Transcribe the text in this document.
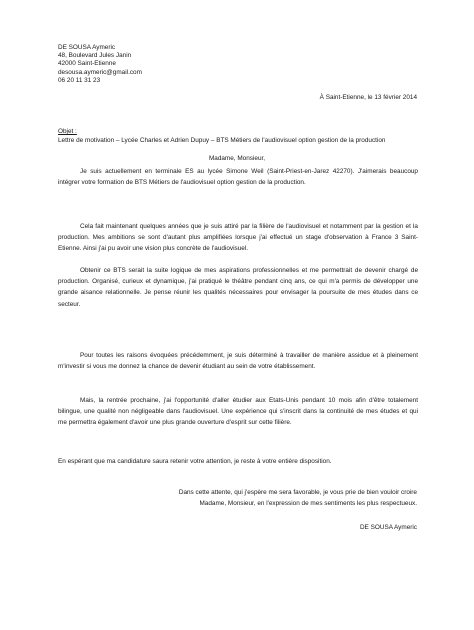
DE SOUSA Aymeric
48, Boulevard Jules Janin
42000 Saint-Etienne
desousa.aymeric@gmail.com
06 20 11 31 23
À Saint-Etienne, le 13 février 2014
Objet :
Lettre de motivation – Lycée Charles et Adrien Dupuy – BTS Métiers de l'audiovisuel option gestion de la production
Madame, Monsieur,

Je suis actuellement en terminale ES au lycée Simone Weil (Saint-Priest-en-Jarez 42270). J'aimerais beaucoup intégrer votre formation de BTS Métiers de l'audiovisuel option gestion de la production.

Cela fait maintenant quelques années que je suis attiré par la filière de l'audiovisuel et notamment par la gestion et la production. Mes ambitions se sont d'autant plus amplifiées lorsque j'ai effectué un stage d'observation à France 3 Saint-Etienne. Ainsi j'ai pu avoir une vision plus concrète de l'audiovisuel.

Obtenir ce BTS serait la suite logique de mes aspirations professionnelles et me permettrait de devenir chargé de production. Organisé, curieux et dynamique, j'ai pratiqué le théâtre pendant cinq ans, ce qui m'a permis de développer une grande aisance relationnelle. Je pense réunir les qualités nécessaires pour envisager la poursuite de mes études dans ce secteur.

Pour toutes les raisons évoquées précédemment, je suis déterminé à travailler de manière assidue et à pleinement m'investir si vous me donnez la chance de devenir étudiant au sein de votre établissement.

Mais, la rentrée prochaine, j'ai l'opportunité d'aller étudier aux Etats-Unis pendant 10 mois afin d'être totalement bilingue, une qualité non négligeable dans l'audiovisuel. Une expérience qui s'inscrit dans la continuité de mes études et qui me permettra également d'avoir une plus grande ouverture d'esprit sur cette filière.

En espérant que ma candidature saura retenir votre attention, je reste à votre entière disposition.

Dans cette attente, qui j'espère me sera favorable, je vous prie de bien vouloir croire
Madame, Monsieur, en l'expression de mes sentiments les plus respectueux.
DE SOUSA Aymeric
